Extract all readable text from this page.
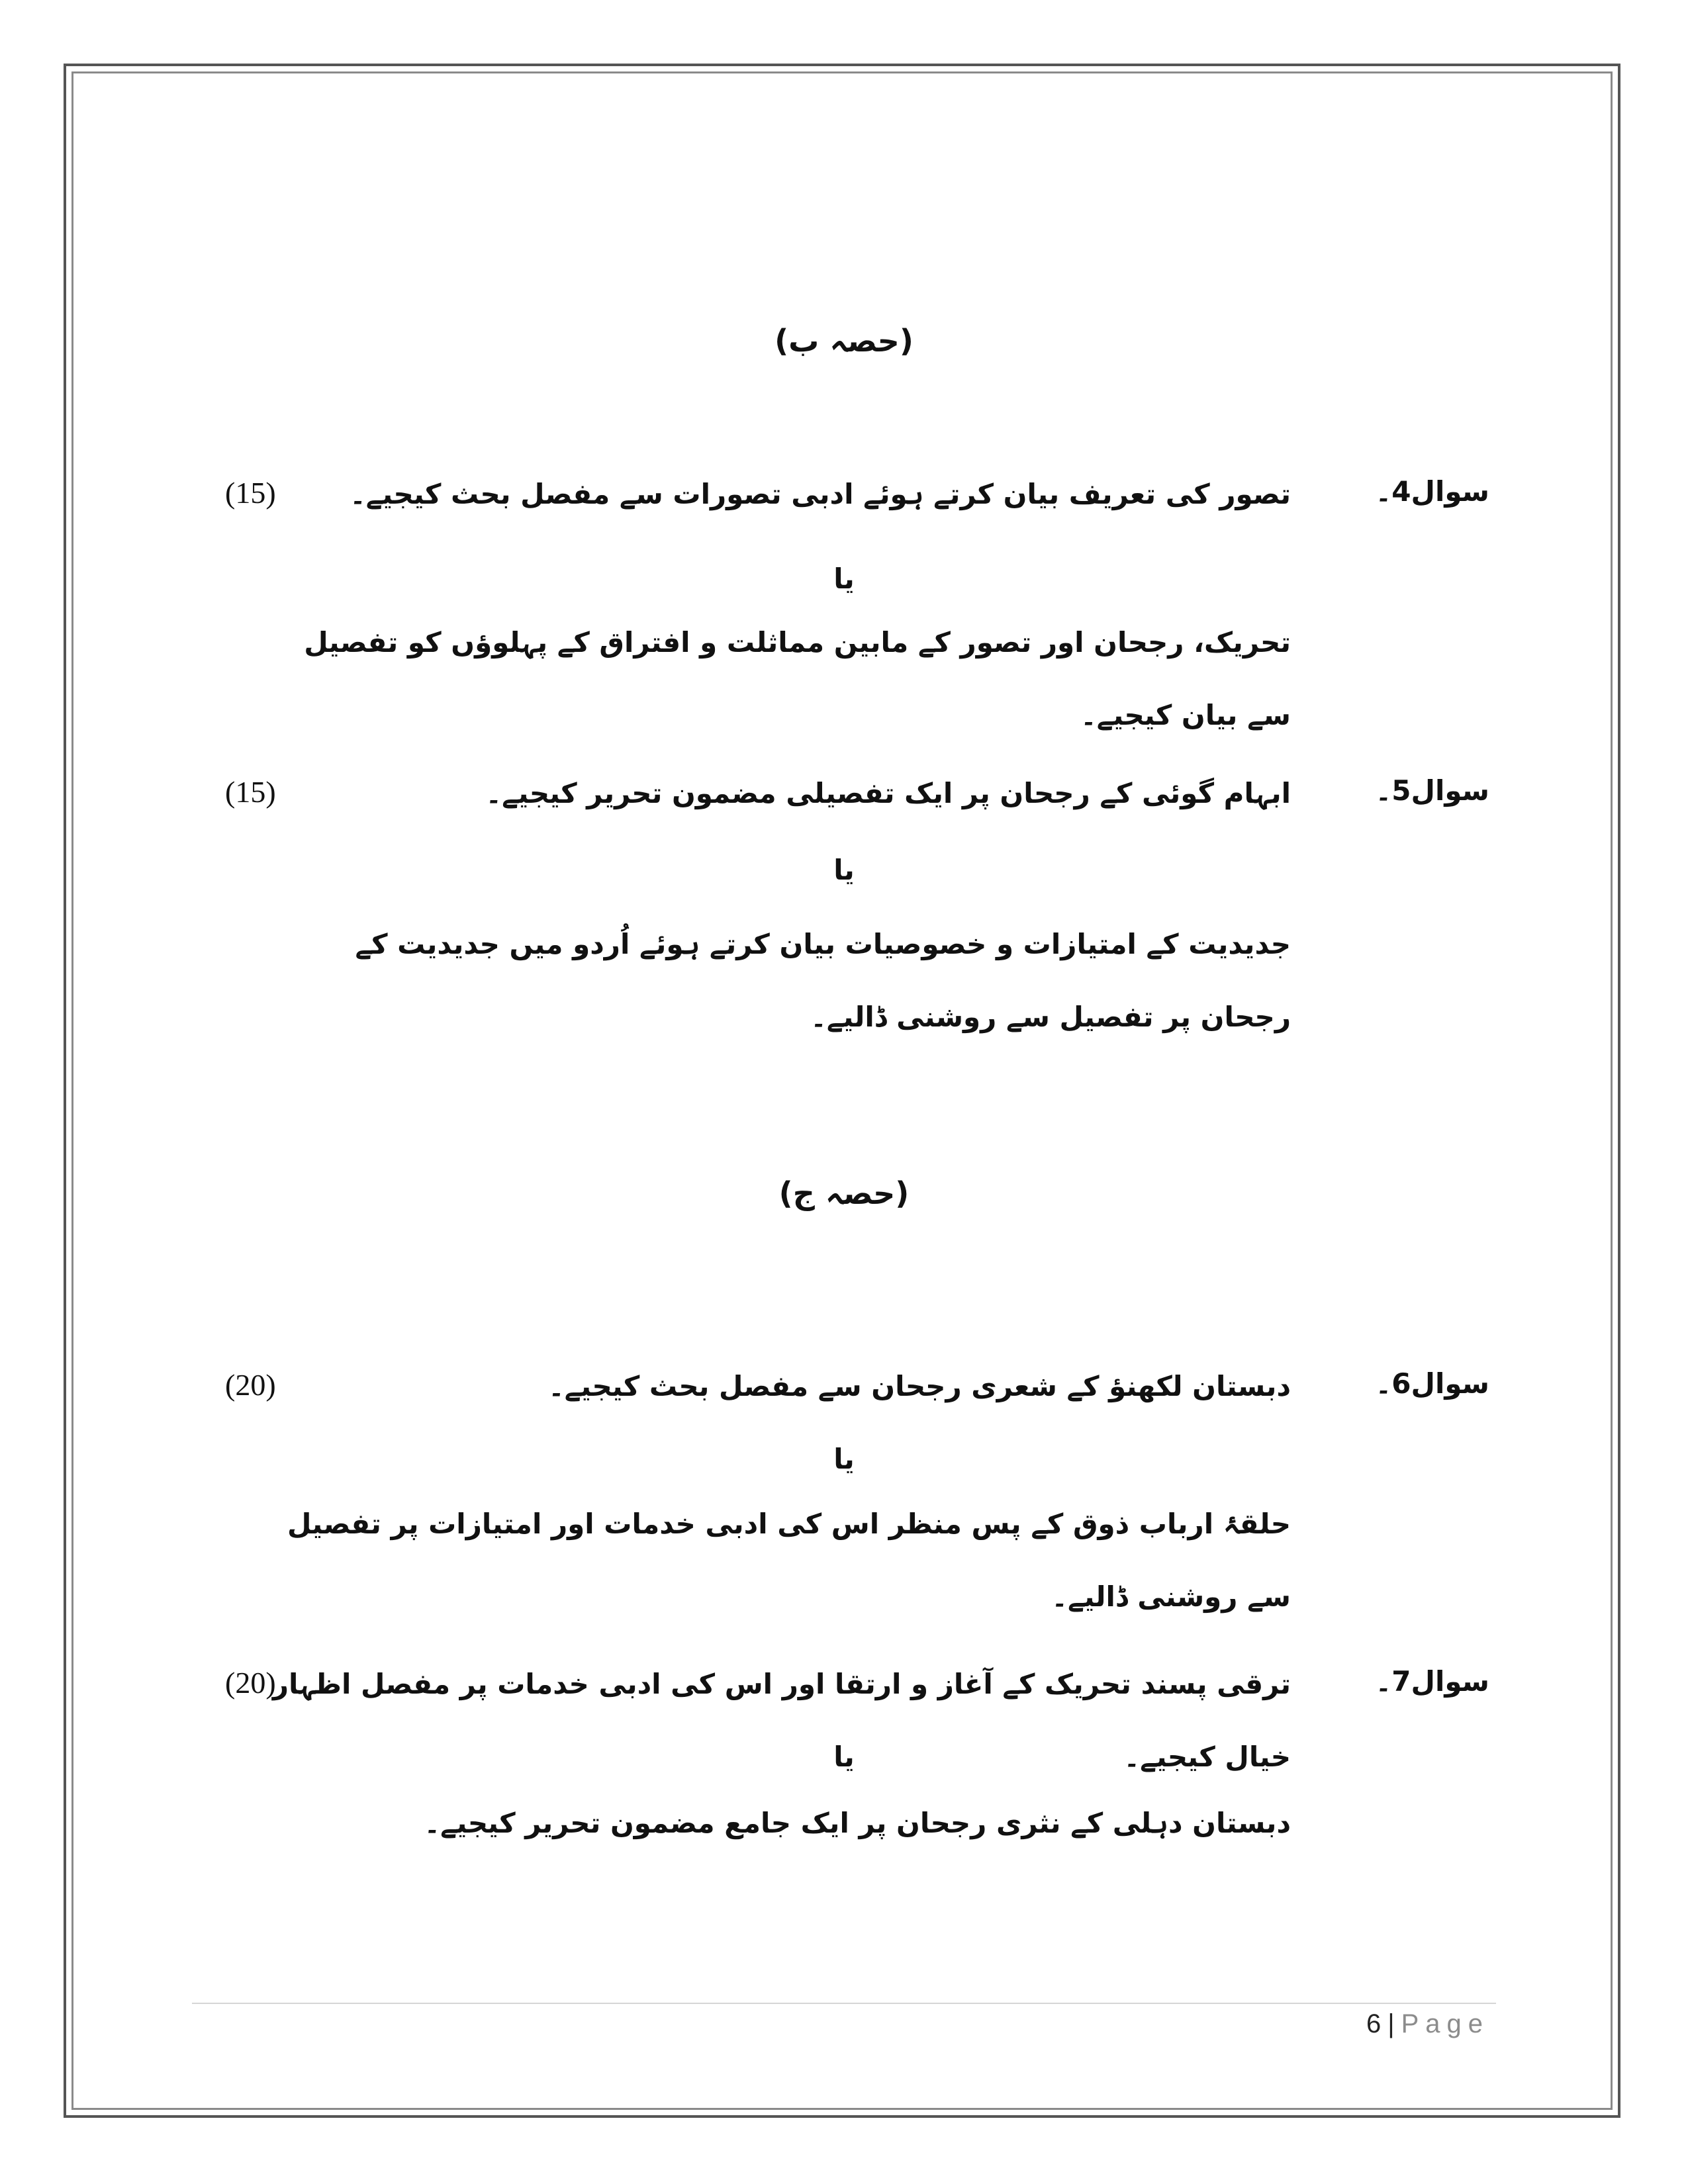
(حصہ ب)
سوال4۔
تصور کی تعریف بیان کرتے ہوئے ادبی تصورات سے مفصل بحث کیجیے۔
(15)
یا
تحریک، رجحان اور تصور کے مابین مماثلت و افتراق کے پہلوؤں کو تفصیل سے بیان کیجیے۔
سوال5۔
ابہام گوئی کے رجحان پر ایک تفصیلی مضمون تحریر کیجیے۔
(15)
یا
جدیدیت کے امتیازات و خصوصیات بیان کرتے ہوئے اُردو میں جدیدیت کے رجحان پر تفصیل سے روشنی ڈالیے۔
(حصہ ج)
سوال6۔
دبستان لکھنؤ کے شعری رجحان سے مفصل بحث کیجیے۔
(20)
یا
حلقۂ ارباب ذوق کے پس منظر اس کی ادبی خدمات اور امتیازات پر تفصیل سے روشنی ڈالیے۔
سوال7۔
ترقی پسند تحریک کے آغاز و ارتقا اور اس کی ادبی خدمات پر مفصل اظہار خیال کیجیے۔
(20)
یا
دبستان دہلی کے نثری رجحان پر ایک جامع مضمون تحریر کیجیے۔
6 | Page
